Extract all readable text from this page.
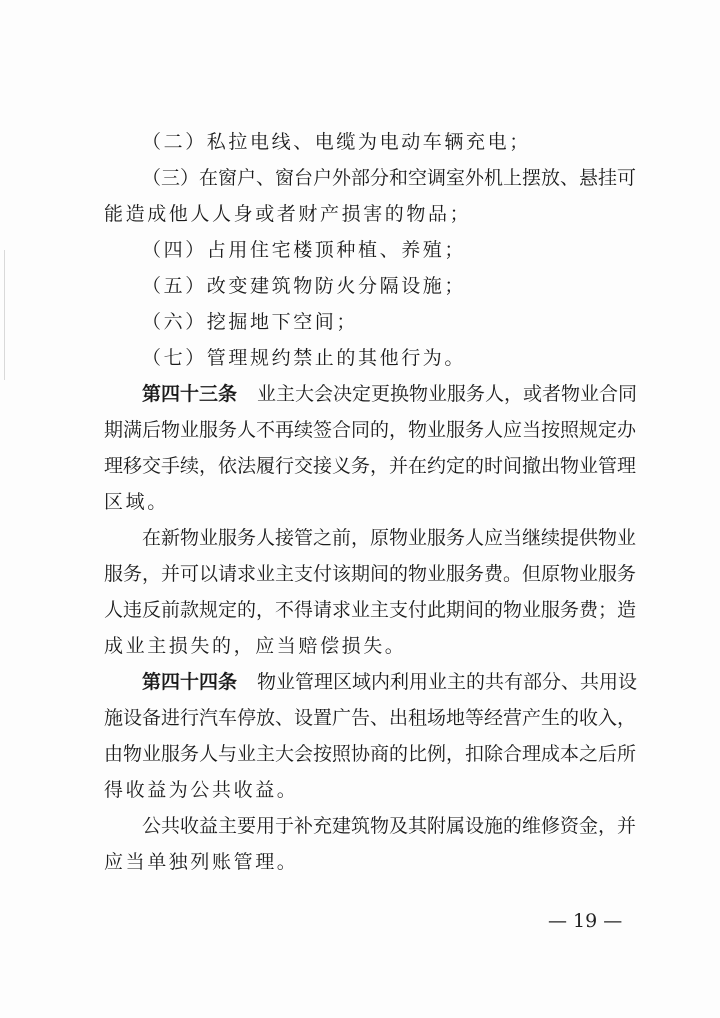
（二）私拉电线、电缆为电动车辆充电；
（三）在窗户、窗台户外部分和空调室外机上摆放、悬挂可
能造成他人人身或者财产损害的物品；
（四）占用住宅楼顶种植、养殖；
（五）改变建筑物防火分隔设施；
（六）挖掘地下空间；
（七）管理规约禁止的其他行为。
第四十三条 业主大会决定更换物业服务人，或者物业合同
期满后物业服务人不再续签合同的，物业服务人应当按照规定办
理移交手续，依法履行交接义务，并在约定的时间撤出物业管理
区域。
在新物业服务人接管之前，原物业服务人应当继续提供物业
服务，并可以请求业主支付该期间的物业服务费。但原物业服务
人违反前款规定的，不得请求业主支付此期间的物业服务费；造
成业主损失的，应当赔偿损失。
第四十四条 物业管理区域内利用业主的共有部分、共用设
施设备进行汽车停放、设置广告、出租场地等经营产生的收入，
由物业服务人与业主大会按照协商的比例，扣除合理成本之后所
得收益为公共收益。
公共收益主要用于补充建筑物及其附属设施的维修资金，并
应当单独列账管理。
— 19 —
